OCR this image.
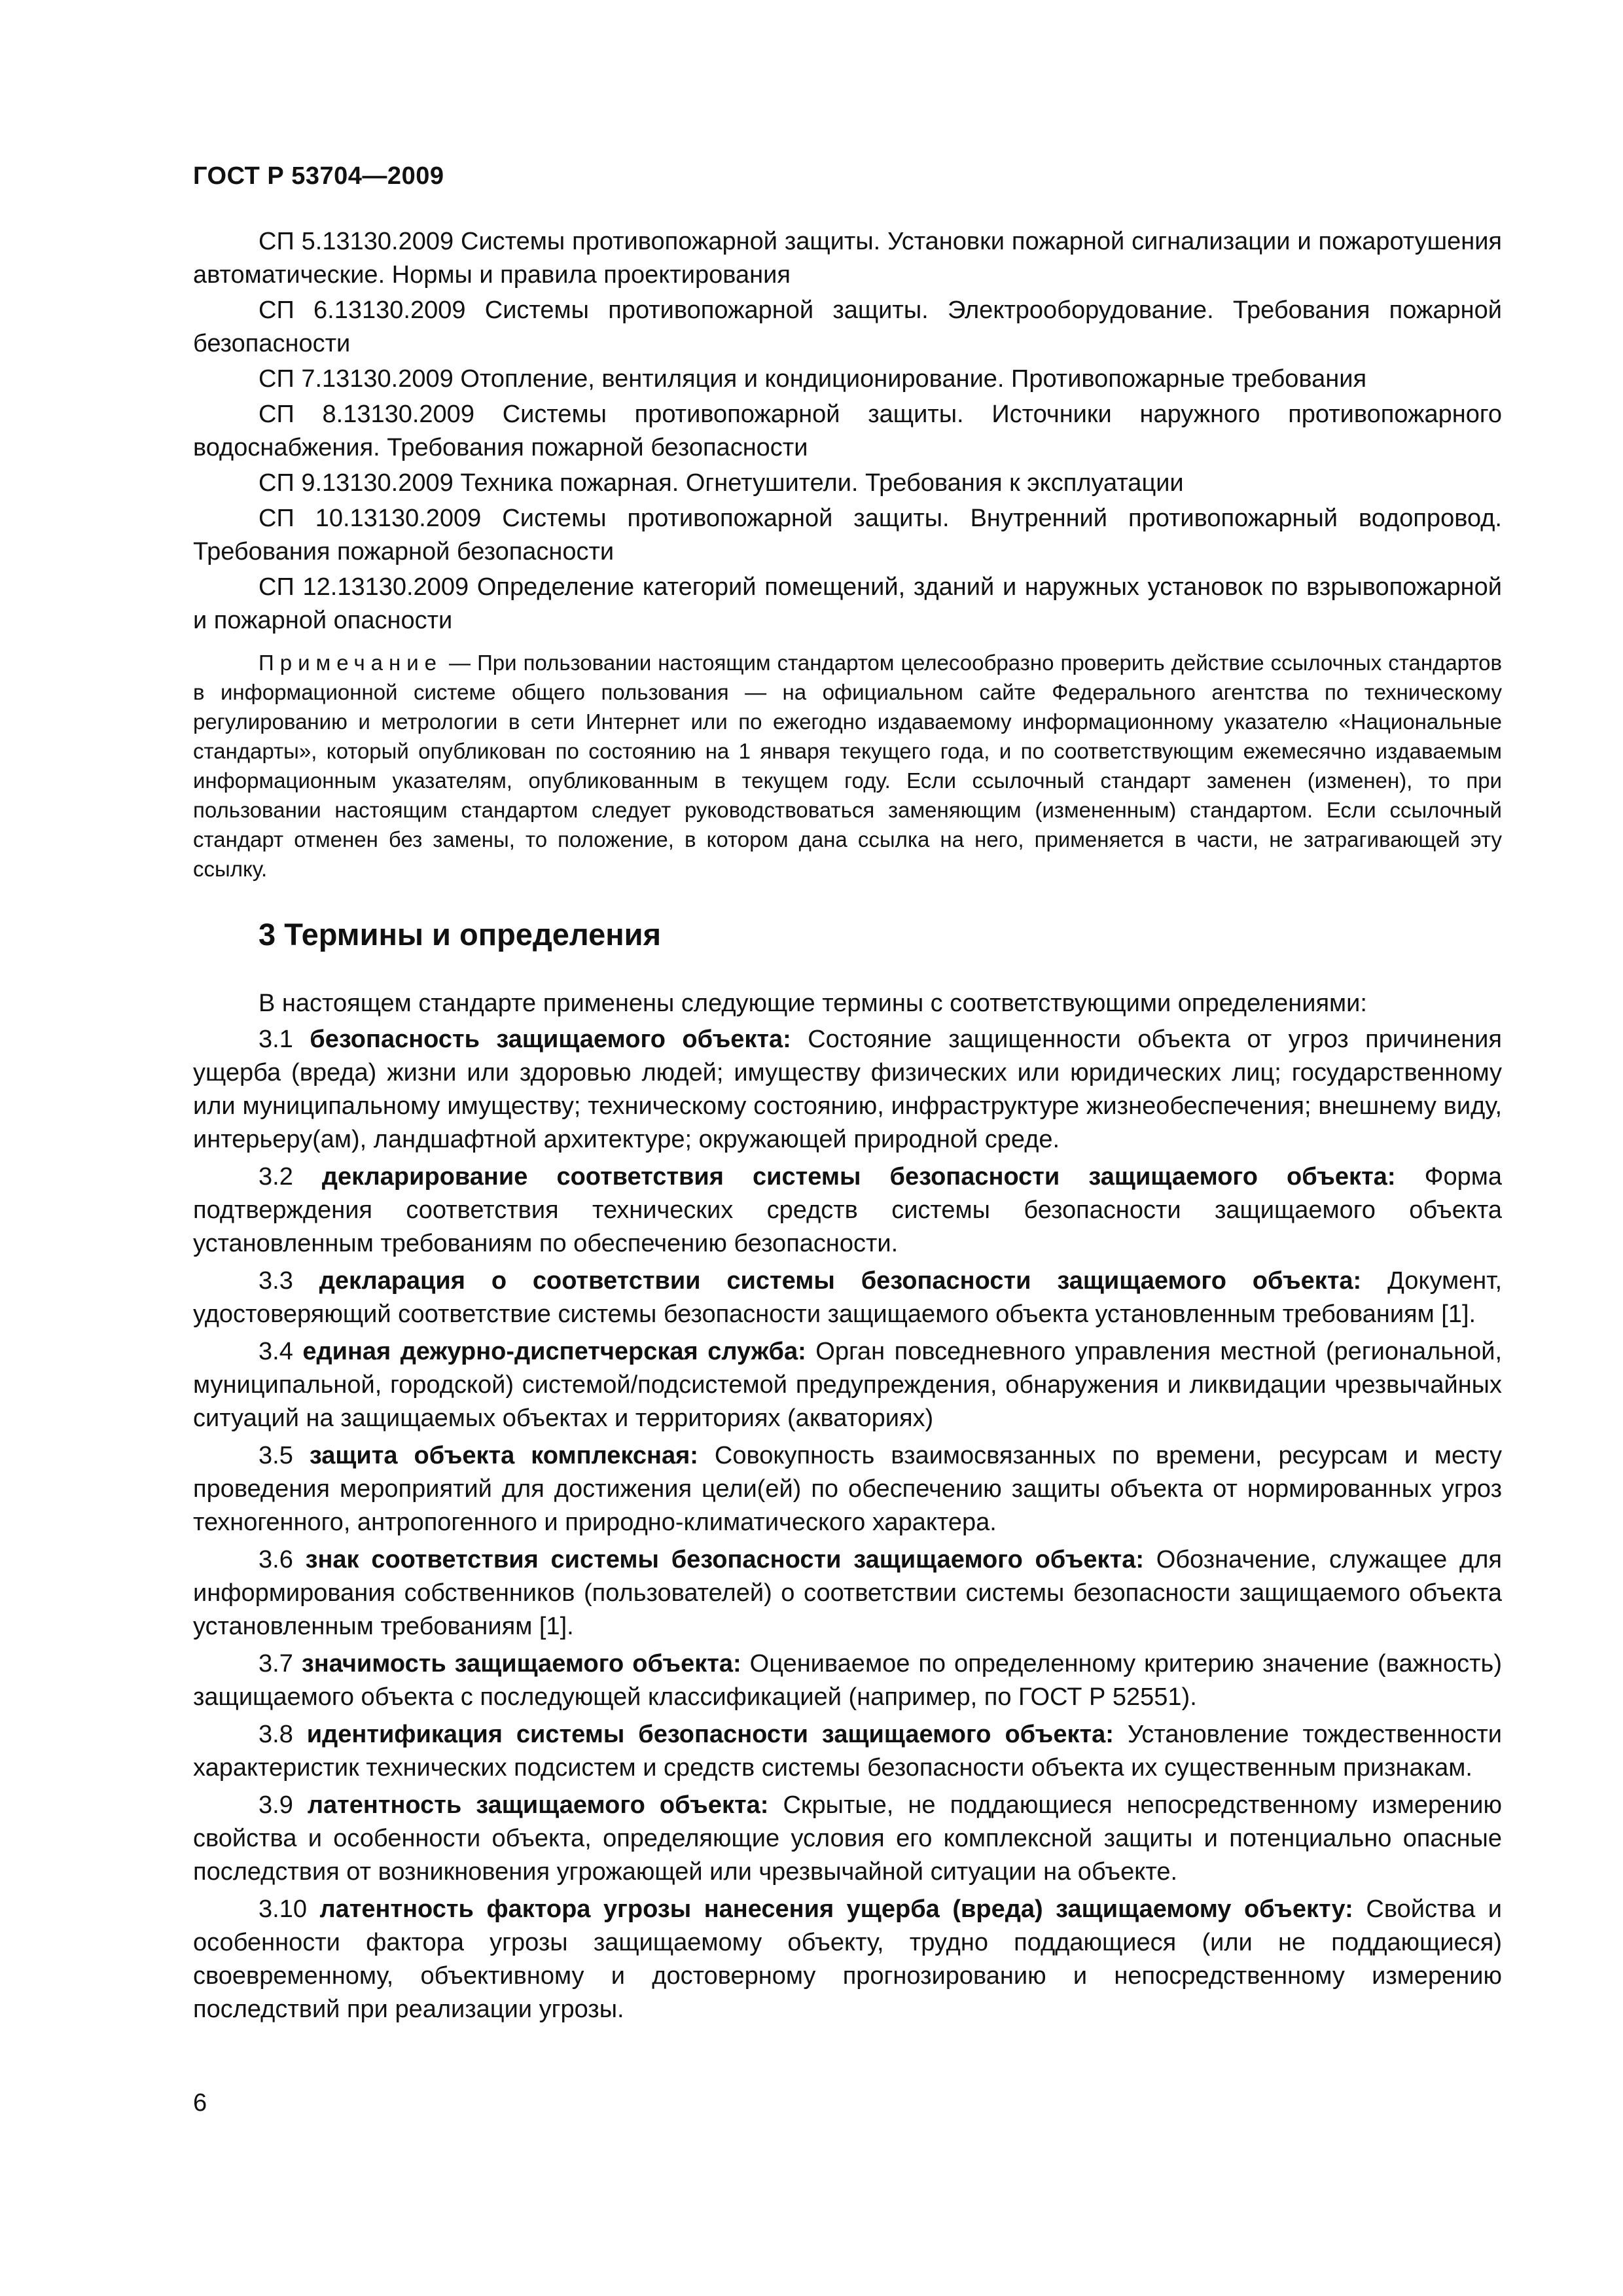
ГОСТ Р 53704—2009

СП 5.13130.2009 Системы противопожарной защиты. Установки пожарной сигнализации и пожаротушения автоматические. Нормы и правила проектирования

СП 6.13130.2009 Системы противопожарной защиты. Электрооборудование. Требования пожарной безопасности

СП 7.13130.2009 Отопление, вентиляция и кондиционирование. Противопожарные требования

СП 8.13130.2009 Системы противопожарной защиты. Источники наружного противопожарного водоснабжения. Требования пожарной безопасности

СП 9.13130.2009 Техника пожарная. Огнетушители. Требования к эксплуатации

СП 10.13130.2009 Системы противопожарной защиты. Внутренний противопожарный водопровод. Требования пожарной безопасности

СП 12.13130.2009 Определение категорий помещений, зданий и наружных установок по взрывопожарной и пожарной опасности

Примечание — При пользовании настоящим стандартом целесообразно проверить действие ссылочных стандартов в информационной системе общего пользования — на официальном сайте Федерального агентства по техническому регулированию и метрологии в сети Интернет или по ежегодно издаваемому информационному указателю «Национальные стандарты», который опубликован по состоянию на 1 января текущего года, и по соответствующим ежемесячно издаваемым информационным указателям, опубликованным в текущем году. Если ссылочный стандарт заменен (изменен), то при пользовании настоящим стандартом следует руководствоваться заменяющим (измененным) стандартом. Если ссылочный стандарт отменен без замены, то положение, в котором дана ссылка на него, применяется в части, не затрагивающей эту ссылку.

3 Термины и определения

В настоящем стандарте применены следующие термины с соответствующими определениями:

3.1 безопасность защищаемого объекта: Состояние защищенности объекта от угроз причинения ущерба (вреда) жизни или здоровью людей; имуществу физических или юридических лиц; государственному или муниципальному имуществу; техническому состоянию, инфраструктуре жизнеобеспечения; внешнему виду, интерьеру(ам), ландшафтной архитектуре; окружающей природной среде.

3.2 декларирование соответствия системы безопасности защищаемого объекта: Форма подтверждения соответствия технических средств системы безопасности защищаемого объекта установленным требованиям по обеспечению безопасности.

3.3 декларация о соответствии системы безопасности защищаемого объекта: Документ, удостоверяющий соответствие системы безопасности защищаемого объекта установленным требованиям [1].

3.4 единая дежурно-диспетчерская служба: Орган повседневного управления местной (региональной, муниципальной, городской) системой/подсистемой предупреждения, обнаружения и ликвидации чрезвычайных ситуаций на защищаемых объектах и территориях (акваториях)

3.5 защита объекта комплексная: Совокупность взаимосвязанных по времени, ресурсам и месту проведения мероприятий для достижения цели(ей) по обеспечению защиты объекта от нормированных угроз техногенного, антропогенного и природно-климатического характера.

3.6 знак соответствия системы безопасности защищаемого объекта: Обозначение, служащее для информирования собственников (пользователей) о соответствии системы безопасности защищаемого объекта установленным требованиям [1].

3.7 значимость защищаемого объекта: Оцениваемое по определенному критерию значение (важность) защищаемого объекта с последующей классификацией (например, по ГОСТ Р 52551).

3.8 идентификация системы безопасности защищаемого объекта: Установление тождественности характеристик технических подсистем и средств системы безопасности объекта их существенным признакам.

3.9 латентность защищаемого объекта: Скрытые, не поддающиеся непосредственному измерению свойства и особенности объекта, определяющие условия его комплексной защиты и потенциально опасные последствия от возникновения угрожающей или чрезвычайной ситуации на объекте.

3.10 латентность фактора угрозы нанесения ущерба (вреда) защищаемому объекту: Свойства и особенности фактора угрозы защищаемому объекту, трудно поддающиеся (или не поддающиеся) своевременному, объективному и достоверному прогнозированию и непосредственному измерению последствий при реализации угрозы.

6
